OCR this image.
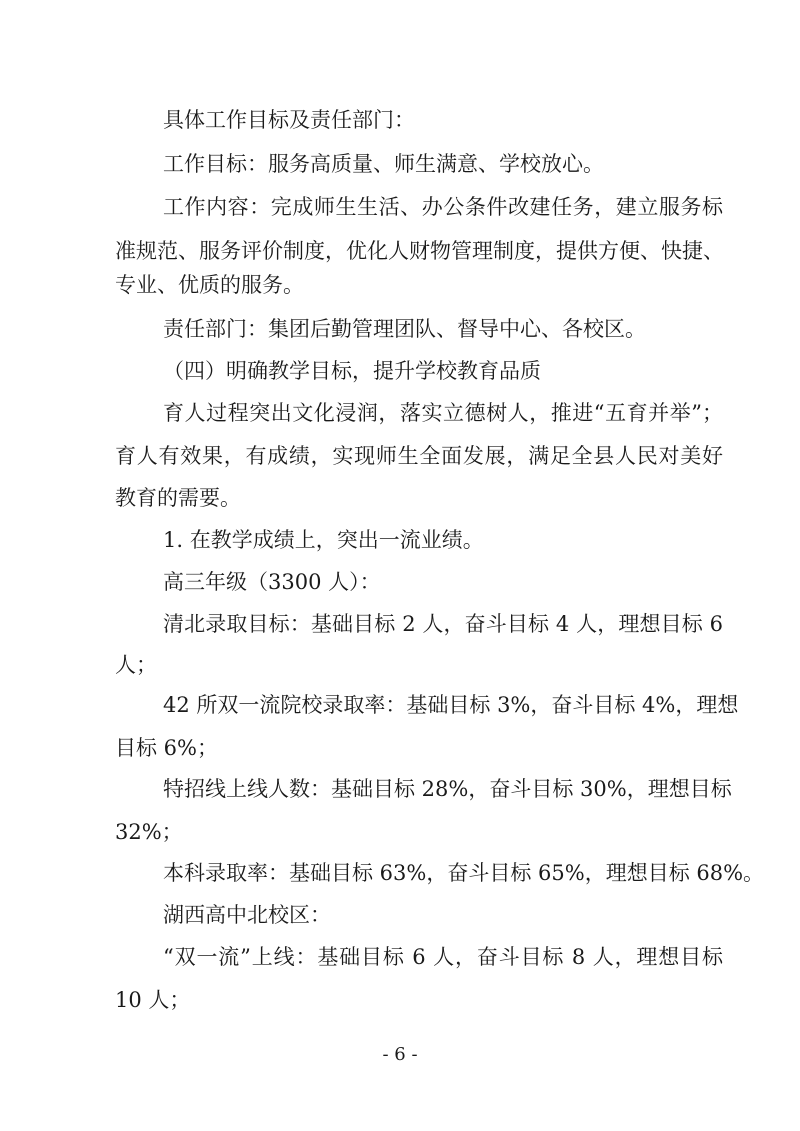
具体工作目标及责任部门：

工作目标：服务高质量、师生满意、学校放心。

工作内容：完成师生生活、办公条件改建任务，建立服务标

准规范、服务评价制度，优化人财物管理制度，提供方便、快捷、

专业、优质的服务。

责任部门：集团后勤管理团队、督导中心、各校区。

（四）明确教学目标，提升学校教育品质

育人过程突出文化浸润，落实立德树人，推进“五育并举”；

育人有效果，有成绩，实现师生全面发展，满足全县人民对美好

教育的需要。

1. 在教学成绩上，突出一流业绩。

高三年级（3300 人）：

清北录取目标：基础目标 2 人，奋斗目标 4 人，理想目标 6

人；

42 所双一流院校录取率：基础目标 3%，奋斗目标 4%，理想

目标 6%；

特招线上线人数：基础目标 28%，奋斗目标 30%，理想目标

32%；

本科录取率：基础目标 63%，奋斗目标 65%，理想目标 68%。

湖西高中北校区：

“双一流”上线：基础目标 6 人，奋斗目标 8 人，理想目标

10 人；

- 6 -
